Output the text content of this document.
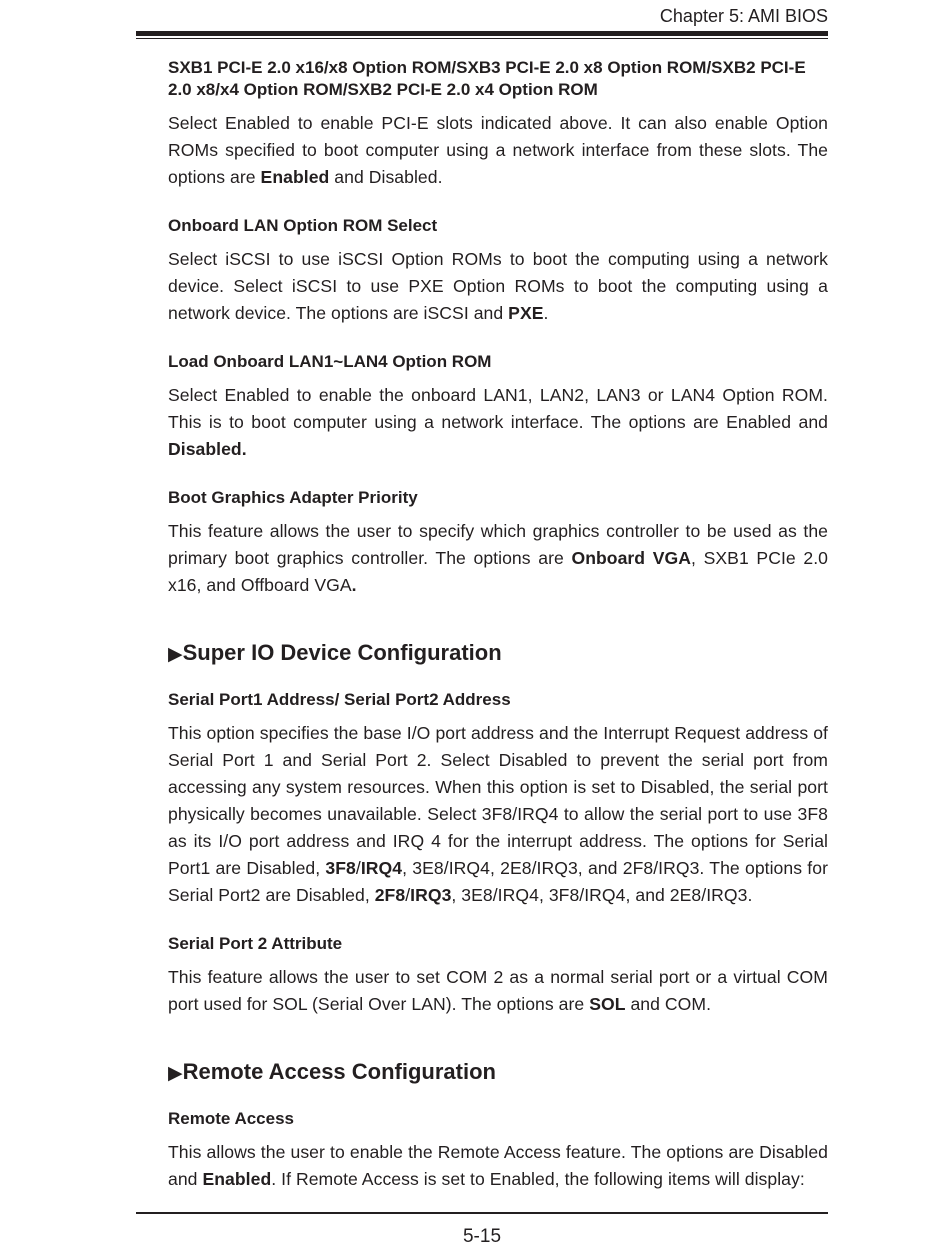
Chapter 5: AMI BIOS
SXB1 PCI-E 2.0 x16/x8 Option ROM/SXB3 PCI-E 2.0 x8 Option ROM/SXB2 PCI-E 2.0 x8/x4 Option ROM/SXB2 PCI-E 2.0 x4 Option ROM

Select Enabled to enable PCI-E slots indicated above. It can also enable Option ROMs specified to boot computer using a network interface from these slots. The options are Enabled and Disabled.

Onboard LAN Option ROM Select

Select iSCSI to use iSCSI Option ROMs to boot the computing using a network device. Select iSCSI to use PXE Option ROMs to boot the computing using a network device. The options are iSCSI and PXE.

Load Onboard LAN1~LAN4 Option ROM

Select Enabled to enable the onboard LAN1, LAN2, LAN3 or LAN4 Option ROM. This is to boot computer using a network interface. The options are Enabled and Disabled.

Boot Graphics Adapter Priority

This feature allows the user to specify which graphics controller to be used as the primary boot graphics controller. The options are Onboard VGA, SXB1 PCIe 2.0 x16, and Offboard VGA.

▶Super IO Device Configuration
Serial Port1 Address/ Serial Port2 Address

This option specifies the base I/O port address and the Interrupt Request address of Serial Port 1 and Serial Port 2. Select Disabled to prevent the serial port from accessing any system resources. When this option is set to Disabled, the serial port physically becomes unavailable. Select 3F8/IRQ4 to allow the serial port to use 3F8 as its I/O port address and IRQ 4 for the interrupt address. The options for Serial Port1 are Disabled, 3F8/IRQ4, 3E8/IRQ4, 2E8/IRQ3, and 2F8/IRQ3. The options for Serial Port2 are Disabled, 2F8/IRQ3, 3E8/IRQ4, 3F8/IRQ4, and 2E8/IRQ3.

Serial Port 2 Attribute

This feature allows the user to set COM 2 as a normal serial port or a virtual COM port used for SOL (Serial Over LAN). The options are SOL and COM.

▶Remote Access Configuration
Remote Access

This allows the user to enable the Remote Access feature. The options are Disabled and Enabled. If Remote Access is set to Enabled, the following items will display:

5-15
